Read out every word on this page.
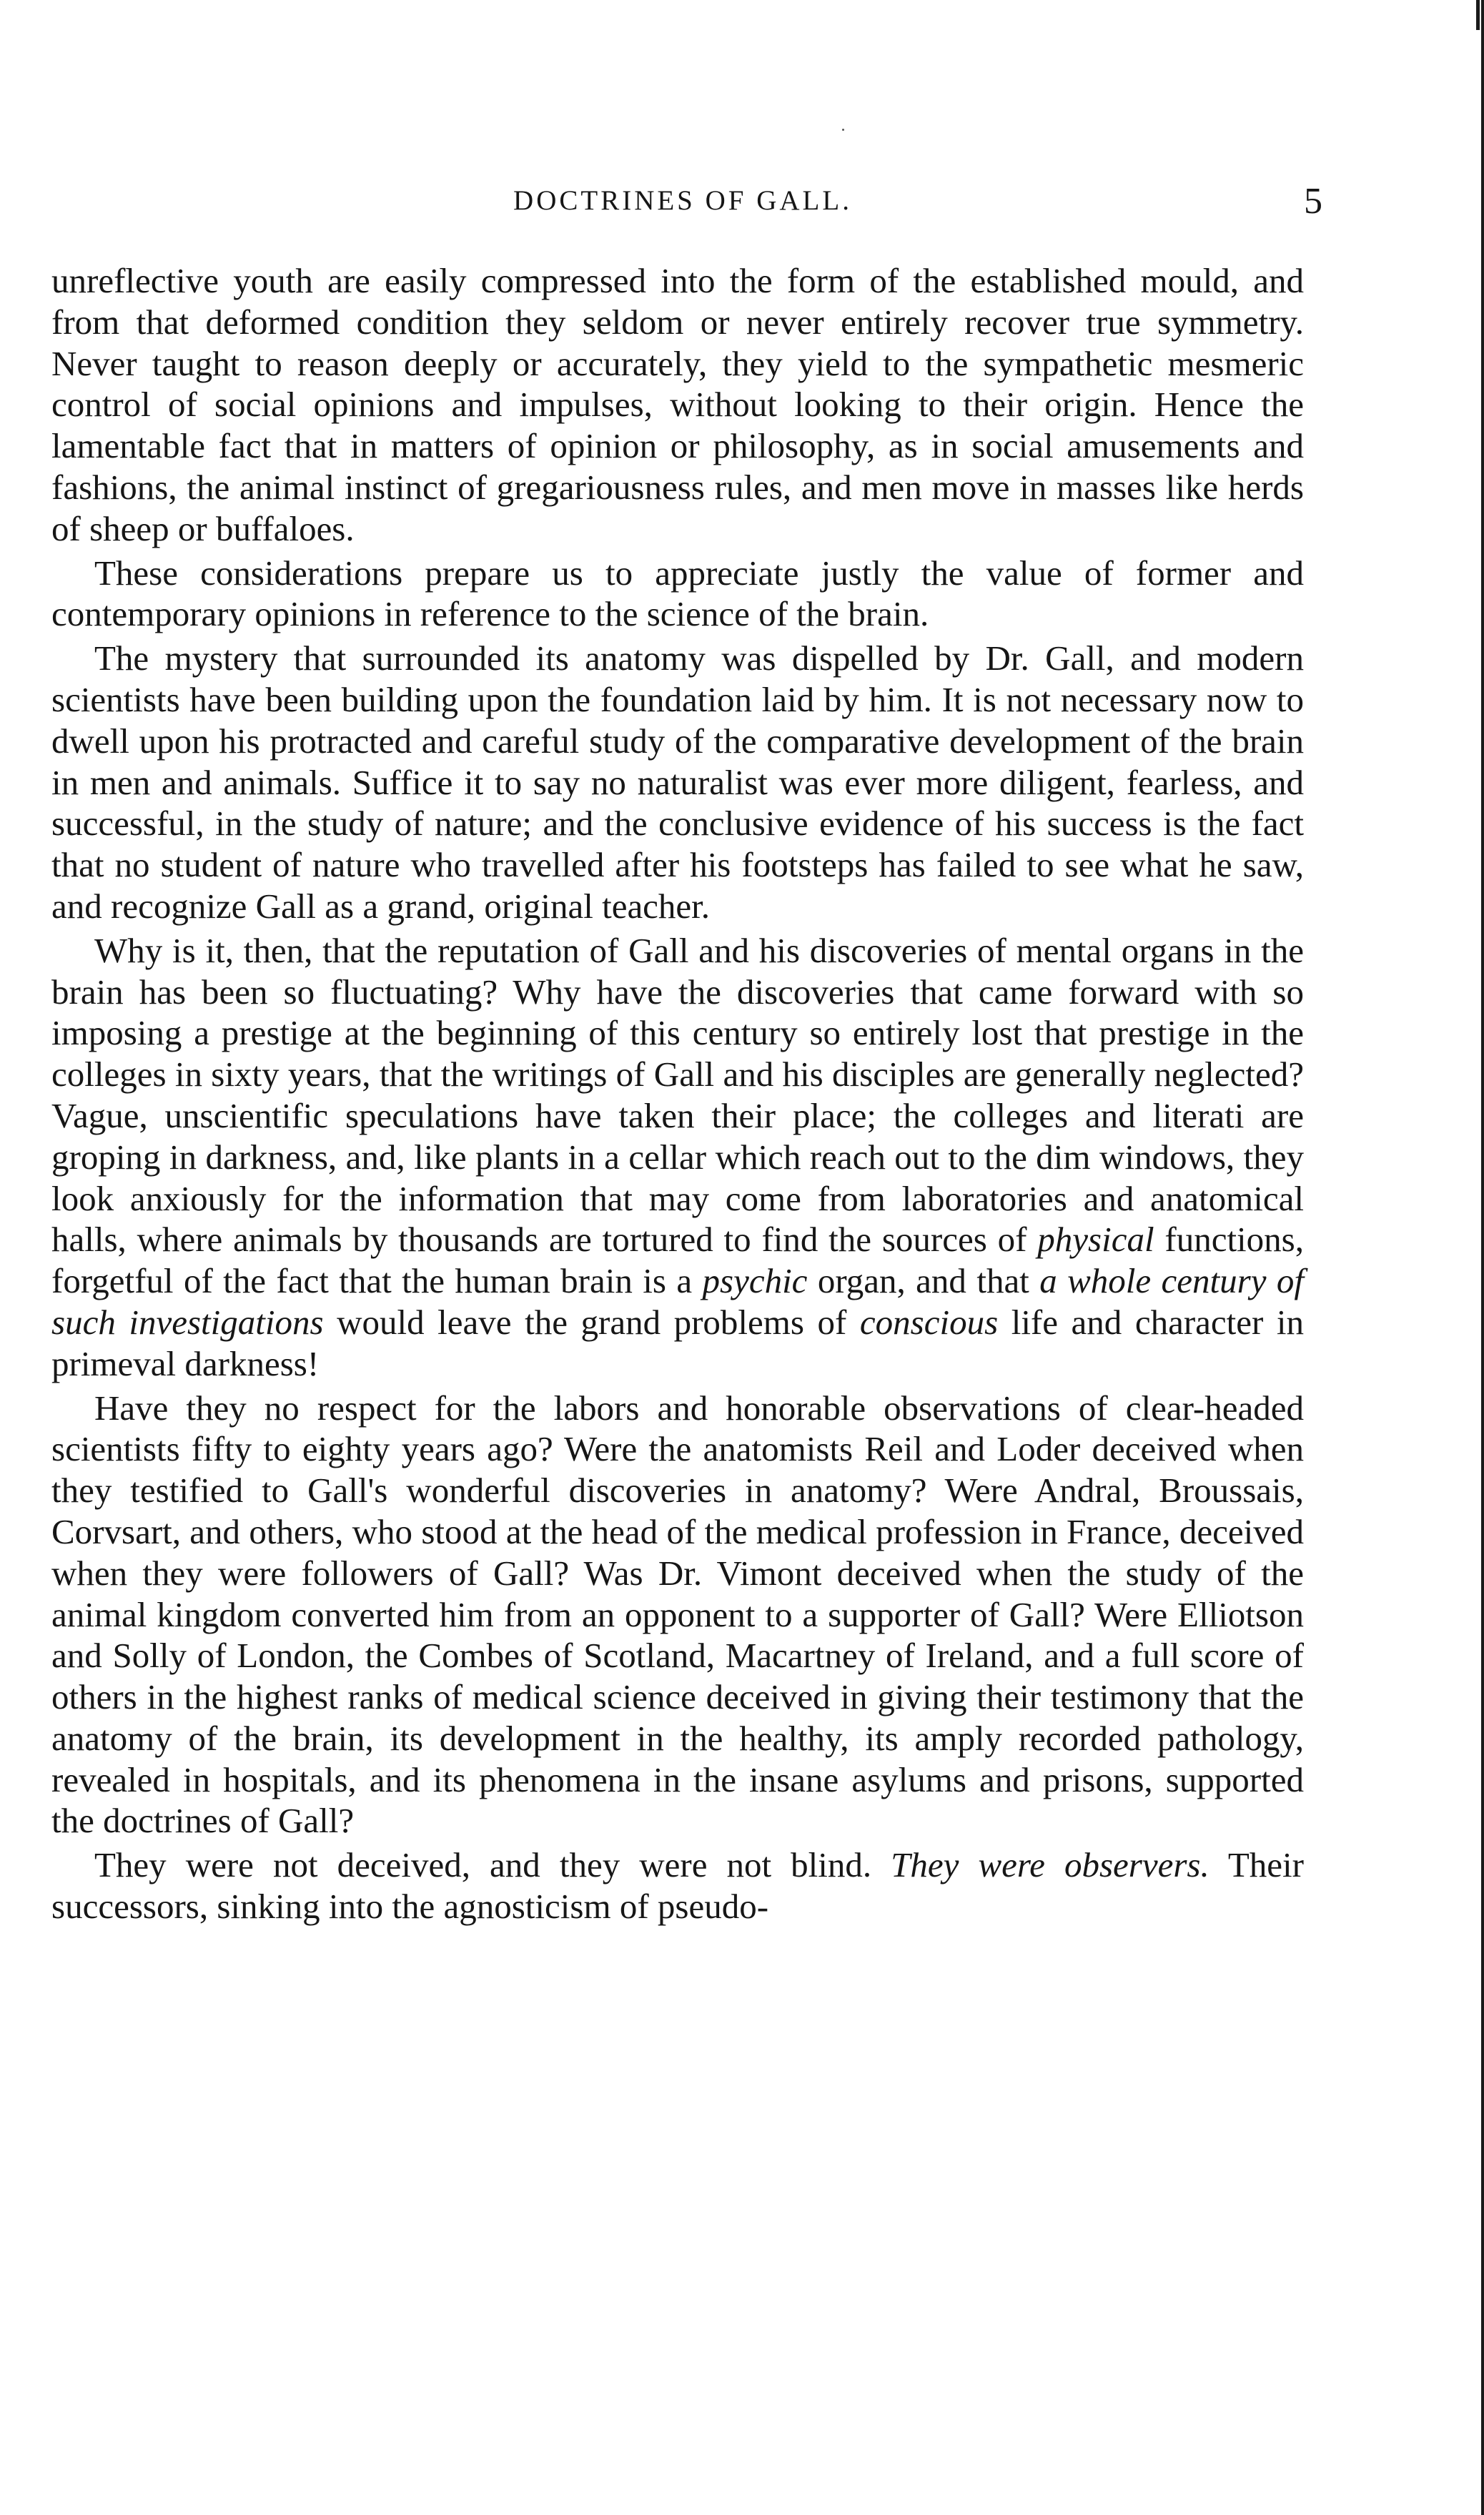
DOCTRINES OF GALL.	5

unreflective youth are easily compressed into the form of the established mould, and from that deformed condition they seldom or never entirely recover true symmetry. Never taught to reason deeply or accurately, they yield to the sympathetic mesmeric control of social opinions and impulses, without looking to their origin. Hence the lamentable fact that in matters of opinion or philosophy, as in social amusements and fashions, the animal instinct of gregariousness rules, and men move in masses like herds of sheep or buffaloes.

These considerations prepare us to appreciate justly the value of former and contemporary opinions in reference to the science of the brain.

The mystery that surrounded its anatomy was dispelled by Dr. Gall, and modern scientists have been building upon the foundation laid by him. It is not necessary now to dwell upon his protracted and careful study of the comparative development of the brain in men and animals. Suffice it to say no naturalist was ever more diligent, fearless, and successful, in the study of nature; and the conclusive evidence of his success is the fact that no student of nature who travelled after his footsteps has failed to see what he saw, and recognize Gall as a grand, original teacher.

Why is it, then, that the reputation of Gall and his discoveries of mental organs in the brain has been so fluctuating? Why have the discoveries that came forward with so imposing a prestige at the beginning of this century so entirely lost that prestige in the colleges in sixty years, that the writings of Gall and his disciples are generally neglected? Vague, unscientific speculations have taken their place; the colleges and literati are groping in darkness, and, like plants in a cellar which reach out to the dim windows, they look anxiously for the information that may come from laboratories and anatomical halls, where animals by thousands are tortured to find the sources of physical functions, forgetful of the fact that the human brain is a psychic organ, and that a whole century of such investigations would leave the grand problems of conscious life and character in primeval darkness!

Have they no respect for the labors and honorable observations of clear-headed scientists fifty to eighty years ago? Were the anatomists Reil and Loder deceived when they testified to Gall's wonderful discoveries in anatomy? Were Andral, Broussais, Corvsart, and others, who stood at the head of the medical profession in France, deceived when they were followers of Gall? Was Dr. Vimont deceived when the study of the animal kingdom converted him from an opponent to a supporter of Gall? Were Elliotson and Solly of London, the Combes of Scotland, Macartney of Ireland, and a full score of others in the highest ranks of medical science deceived in giving their testimony that the anatomy of the brain, its development in the healthy, its amply recorded pathology, revealed in hospitals, and its phenomena in the insane asylums and prisons, supported the doctrines of Gall?

They were not deceived, and they were not blind. They were observers. Their successors, sinking into the agnosticism of pseudo-
